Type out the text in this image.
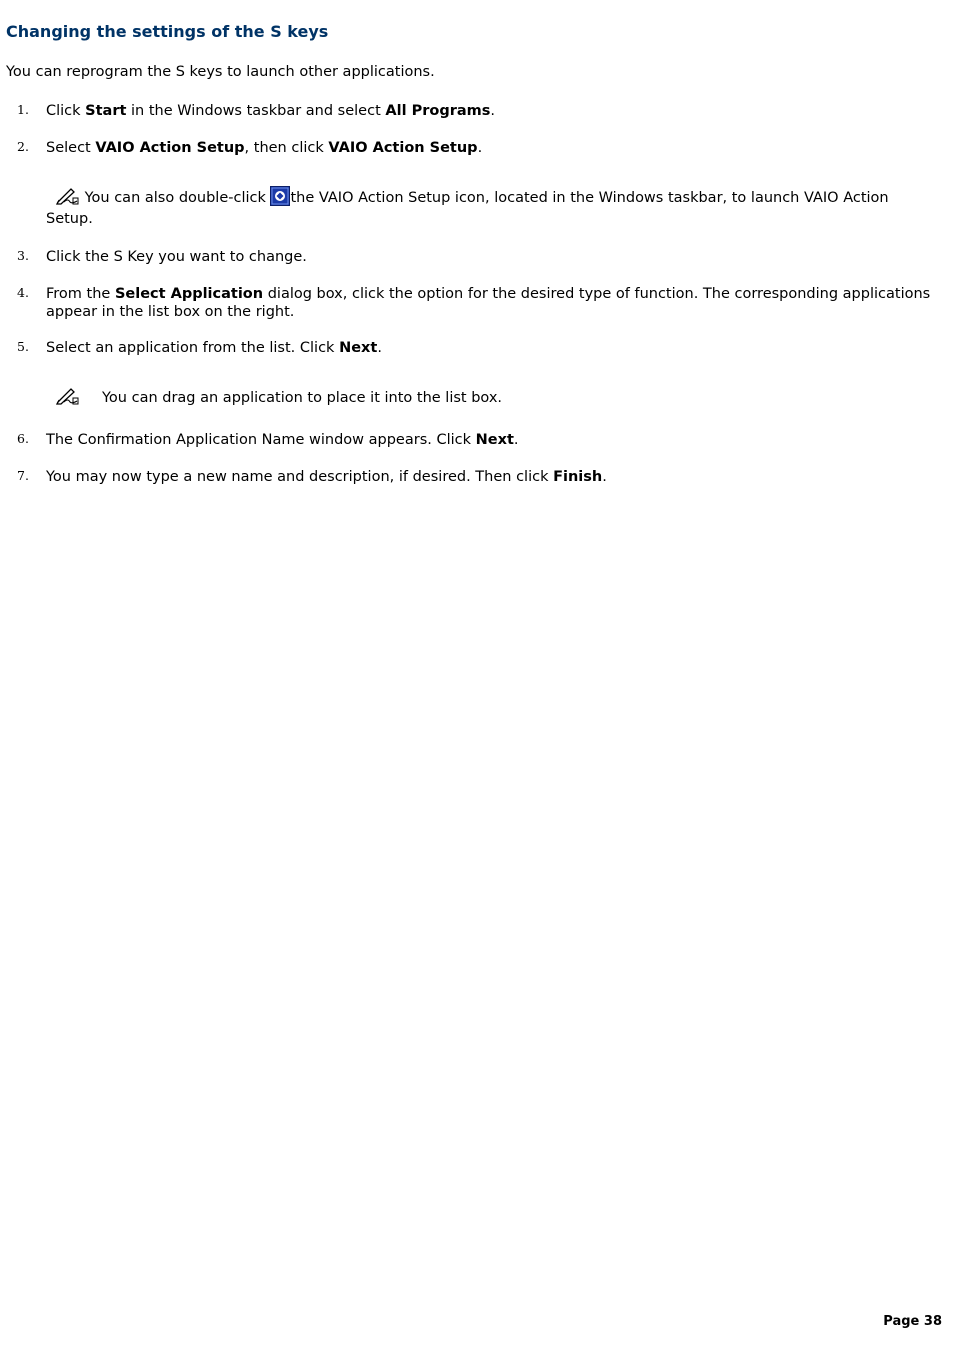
Changing the settings of the S keys

You can reprogram the S keys to launch other applications.

1. Click Start in the Windows taskbar and select All Programs.
2. Select VAIO Action Setup, then click VAIO Action Setup.
You can also double-click the VAIO Action Setup icon, located in the Windows taskbar, to launch VAIO Action Setup.
3. Click the S Key you want to change.
4. From the Select Application dialog box, click the option for the desired type of function. The corresponding applications appear in the list box on the right.
5. Select an application from the list. Click Next.
You can drag an application to place it into the list box.
6. The Confirmation Application Name window appears. Click Next.
7. You may now type a new name and description, if desired. Then click Finish.
Page 38
